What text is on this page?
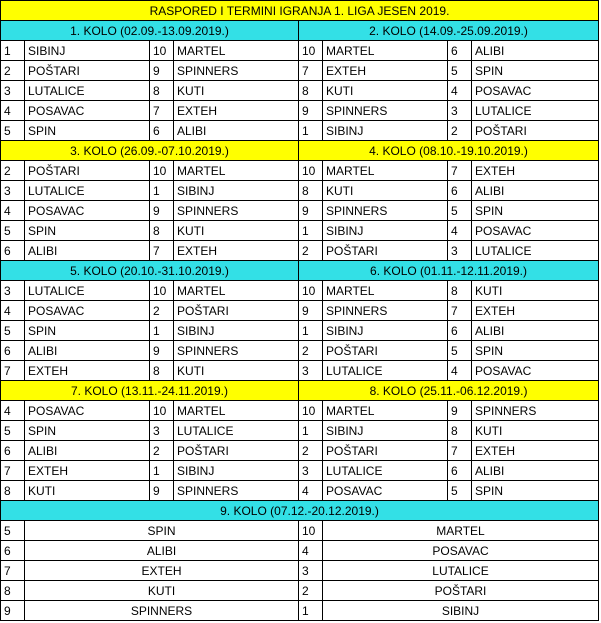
RASPORED I TERMINI IGRANJA 1. LIGA JESEN 2019.							
1. KOLO (02.09.-13.09.2019.)				2. KOLO (14.09.-25.09.2019.)			
1	SIBINJ	10	MARTEL	10	MARTEL	6	ALIBI
2	POŠTARI	9	SPINNERS	7	EXTEH	5	SPIN
3	LUTALICE	8	KUTI	8	KUTI	4	POSAVAC
4	POSAVAC	7	EXTEH	9	SPINNERS	3	LUTALICE
5	SPIN	6	ALIBI	1	SIBINJ	2	POŠTARI
3. KOLO (26.09.-07.10.2019.)				4. KOLO (08.10.-19.10.2019.)			
2	POŠTARI	10	MARTEL	10	MARTEL	7	EXTEH
3	LUTALICE	1	SIBINJ	8	KUTI	6	ALIBI
4	POSAVAC	9	SPINNERS	9	SPINNERS	5	SPIN
5	SPIN	8	KUTI	1	SIBINJ	4	POSAVAC
6	ALIBI	7	EXTEH	2	POŠTARI	3	LUTALICE
5. KOLO (20.10.-31.10.2019.)				6. KOLO (01.11.-12.11.2019.)			
3	LUTALICE	10	MARTEL	10	MARTEL	8	KUTI
4	POSAVAC	2	POŠTARI	9	SPINNERS	7	EXTEH
5	SPIN	1	SIBINJ	1	SIBINJ	6	ALIBI
6	ALIBI	9	SPINNERS	2	POŠTARI	5	SPIN
7	EXTEH	8	KUTI	3	LUTALICE	4	POSAVAC
7. KOLO (13.11.-24.11.2019.)				8. KOLO (25.11.-06.12.2019.)			
4	POSAVAC	10	MARTEL	10	MARTEL	9	SPINNERS
5	SPIN	3	LUTALICE	1	SIBINJ	8	KUTI
6	ALIBI	2	POŠTARI	2	POŠTARI	7	EXTEH
7	EXTEH	1	SIBINJ	3	LUTALICE	6	ALIBI
8	KUTI	9	SPINNERS	4	POSAVAC	5	SPIN
9. KOLO (07.12.-20.12.2019.)							
5	SPIN			10	MARTEL		
6	ALIBI			4	POSAVAC		
7	EXTEH			3	LUTALICE		
8	KUTI			2	POŠTARI		
9	SPINNERS			1	SIBINJ		
